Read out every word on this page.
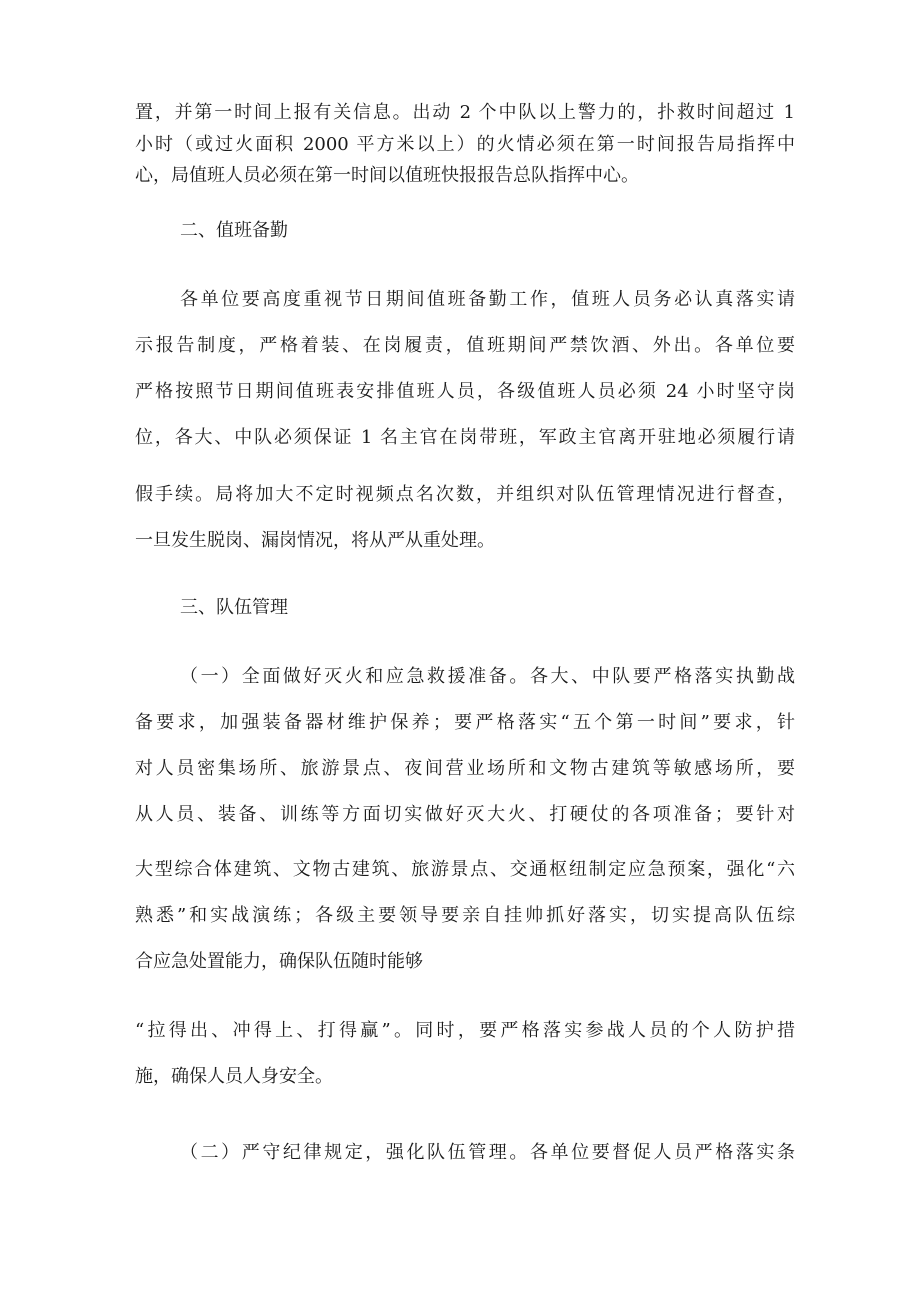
置，并第一时间上报有关信息。出动 2 个中队以上警力的，扑救时间超过 1
小时（或过火面积 2000 平方米以上）的火情必须在第一时间报告局指挥中
心，局值班人员必须在第一时间以值班快报报告总队指挥中心。
二、值班备勤
各单位要高度重视节日期间值班备勤工作，值班人员务必认真落实请
示报告制度，严格着装、在岗履责，值班期间严禁饮酒、外出。各单位要
严格按照节日期间值班表安排值班人员，各级值班人员必须 24 小时坚守岗
位，各大、中队必须保证 1 名主官在岗带班，军政主官离开驻地必须履行请
假手续。局将加大不定时视频点名次数，并组织对队伍管理情况进行督查，
一旦发生脱岗、漏岗情况，将从严从重处理。
三、队伍管理
（一）全面做好灭火和应急救援准备。各大、中队要严格落实执勤战
备要求，加强装备器材维护保养；要严格落实“五个第一时间”要求，针
对人员密集场所、旅游景点、夜间营业场所和文物古建筑等敏感场所，要
从人员、装备、训练等方面切实做好灭大火、打硬仗的各项准备；要针对
大型综合体建筑、文物古建筑、旅游景点、交通枢纽制定应急预案，强化“六
熟悉”和实战演练；各级主要领导要亲自挂帅抓好落实，切实提高队伍综
合应急处置能力，确保队伍随时能够
“拉得出、冲得上、打得赢”。同时，要严格落实参战人员的个人防护措
施，确保人员人身安全。
（二）严守纪律规定，强化队伍管理。各单位要督促人员严格落实条
